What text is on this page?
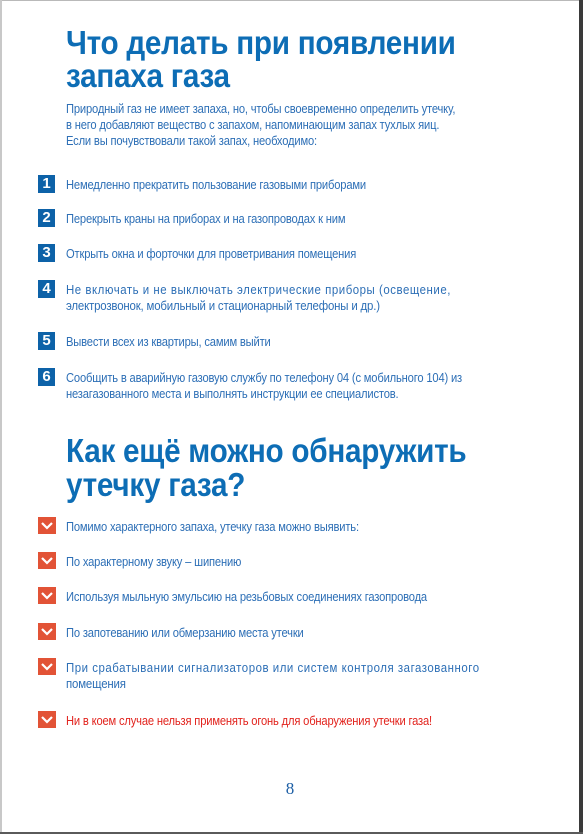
Что делать при появлении
запаха газа
Природный газ не имеет запаха, но, чтобы своевременно определить утечку,
в него добавляют вещество с запахом, напоминающим запах тухлых яиц.
Если вы почувствовали такой запах, необходимо:
1	Немедленно прекратить пользование газовыми приборами
2	Перекрыть краны на приборах и на газопроводах к ним
3	Открыть окна и форточки для проветривания помещения
4	Не включать и не выключать электрические приборы (освещение,
электрозвонок, мобильный и стационарный телефоны и др.)
5	Вывести всех из квартиры, самим выйти
6	Сообщить в аварийную газовую службу по телефону 04 (с мобильного 104) из
незагазованного места и выполнять инструкции ее специалистов.
Как ещё можно обнаружить
утечку газа?
Помимо характерного запаха, утечку газа можно выявить:
По характерному звуку – шипению
Используя мыльную эмульсию на резьбовых соединениях газопровода
По запотеванию или обмерзанию места утечки
При срабатывании сигнализаторов или систем контроля загазованного
помещения
Ни в коем случае нельзя применять огонь для обнаружения утечки газа!
8
